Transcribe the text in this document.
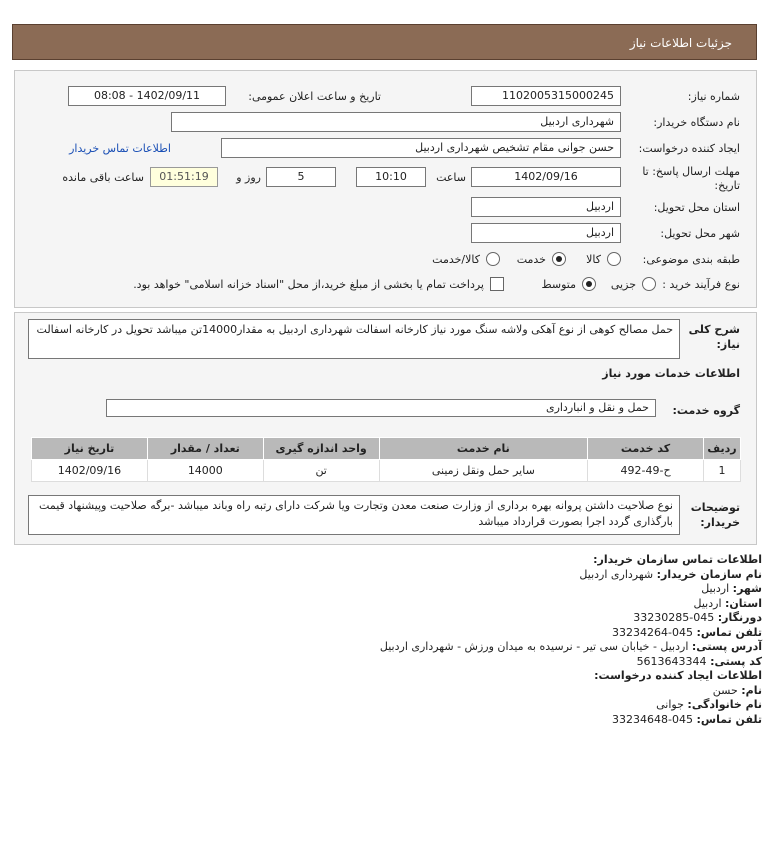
جزئیات اطلاعات نیاز
شماره نیاز:
1102005315000245
تاریخ و ساعت اعلان عمومی:
1402/09/11 - 08:08
نام دستگاه خریدار:
شهرداری اردبیل
ایجاد کننده درخواست:
حسن جوانی مقام تشخیص شهرداری اردبیل
اطلاعات تماس خریدار
مهلت ارسال پاسخ: تا
تاریخ:
1402/09/16
ساعت
10:10
5
روز و
01:51:19
ساعت باقی مانده
استان محل تحویل:
اردبیل
شهر محل تحویل:
اردبیل
طبقه بندی موضوعی:
کالا
خدمت
کالا/خدمت
نوع فرآیند خرید :
جزیی
متوسط
پرداخت تمام یا بخشی از مبلغ خرید،از محل "اسناد خزانه اسلامی" خواهد بود.
شرح کلی
نیاز:
حمل مصالح کوهی از نوع آهکی ولاشه سنگ مورد نیاز کارخانه اسفالت شهرداری اردبیل به مقدار14000تن میباشد تحویل در کارخانه اسفالت
اطلاعات خدمات مورد نیاز
گروه خدمت:
حمل و نقل و انبارداری
ردیف	کد خدمت	نام خدمت	واحد اندازه گیری	تعداد / مقدار	تاریخ نیاز
1	ح-49-492	سایر حمل ونقل زمینی	تن	14000	1402/09/16
توضیحات
خریدار:
نوع صلاحیت داشتن پروانه بهره برداری از وزارت صنعت معدن وتجارت ویا شرکت دارای رتبه راه وباند میباشد -برگه صلاحیت وپیشنهاد قیمت بارگذاری گردد اجرا بصورت قرارداد میباشد
اطلاعات تماس سازمان خریدار:
نام سازمان خریدار: شهرداری اردبیل
شهر: اردبیل
استان: اردبیل
دورنگار: 045-33230285
تلفن تماس: 045-33234264
آدرس پستی: اردبیل - خیابان سی تیر - نرسیده به میدان ورزش - شهرداری اردبیل
کد پستی: 5613643344
اطلاعات ایجاد کننده درخواست:
نام: حسن
نام خانوادگی: جوانی
تلفن تماس: 045-33234648
